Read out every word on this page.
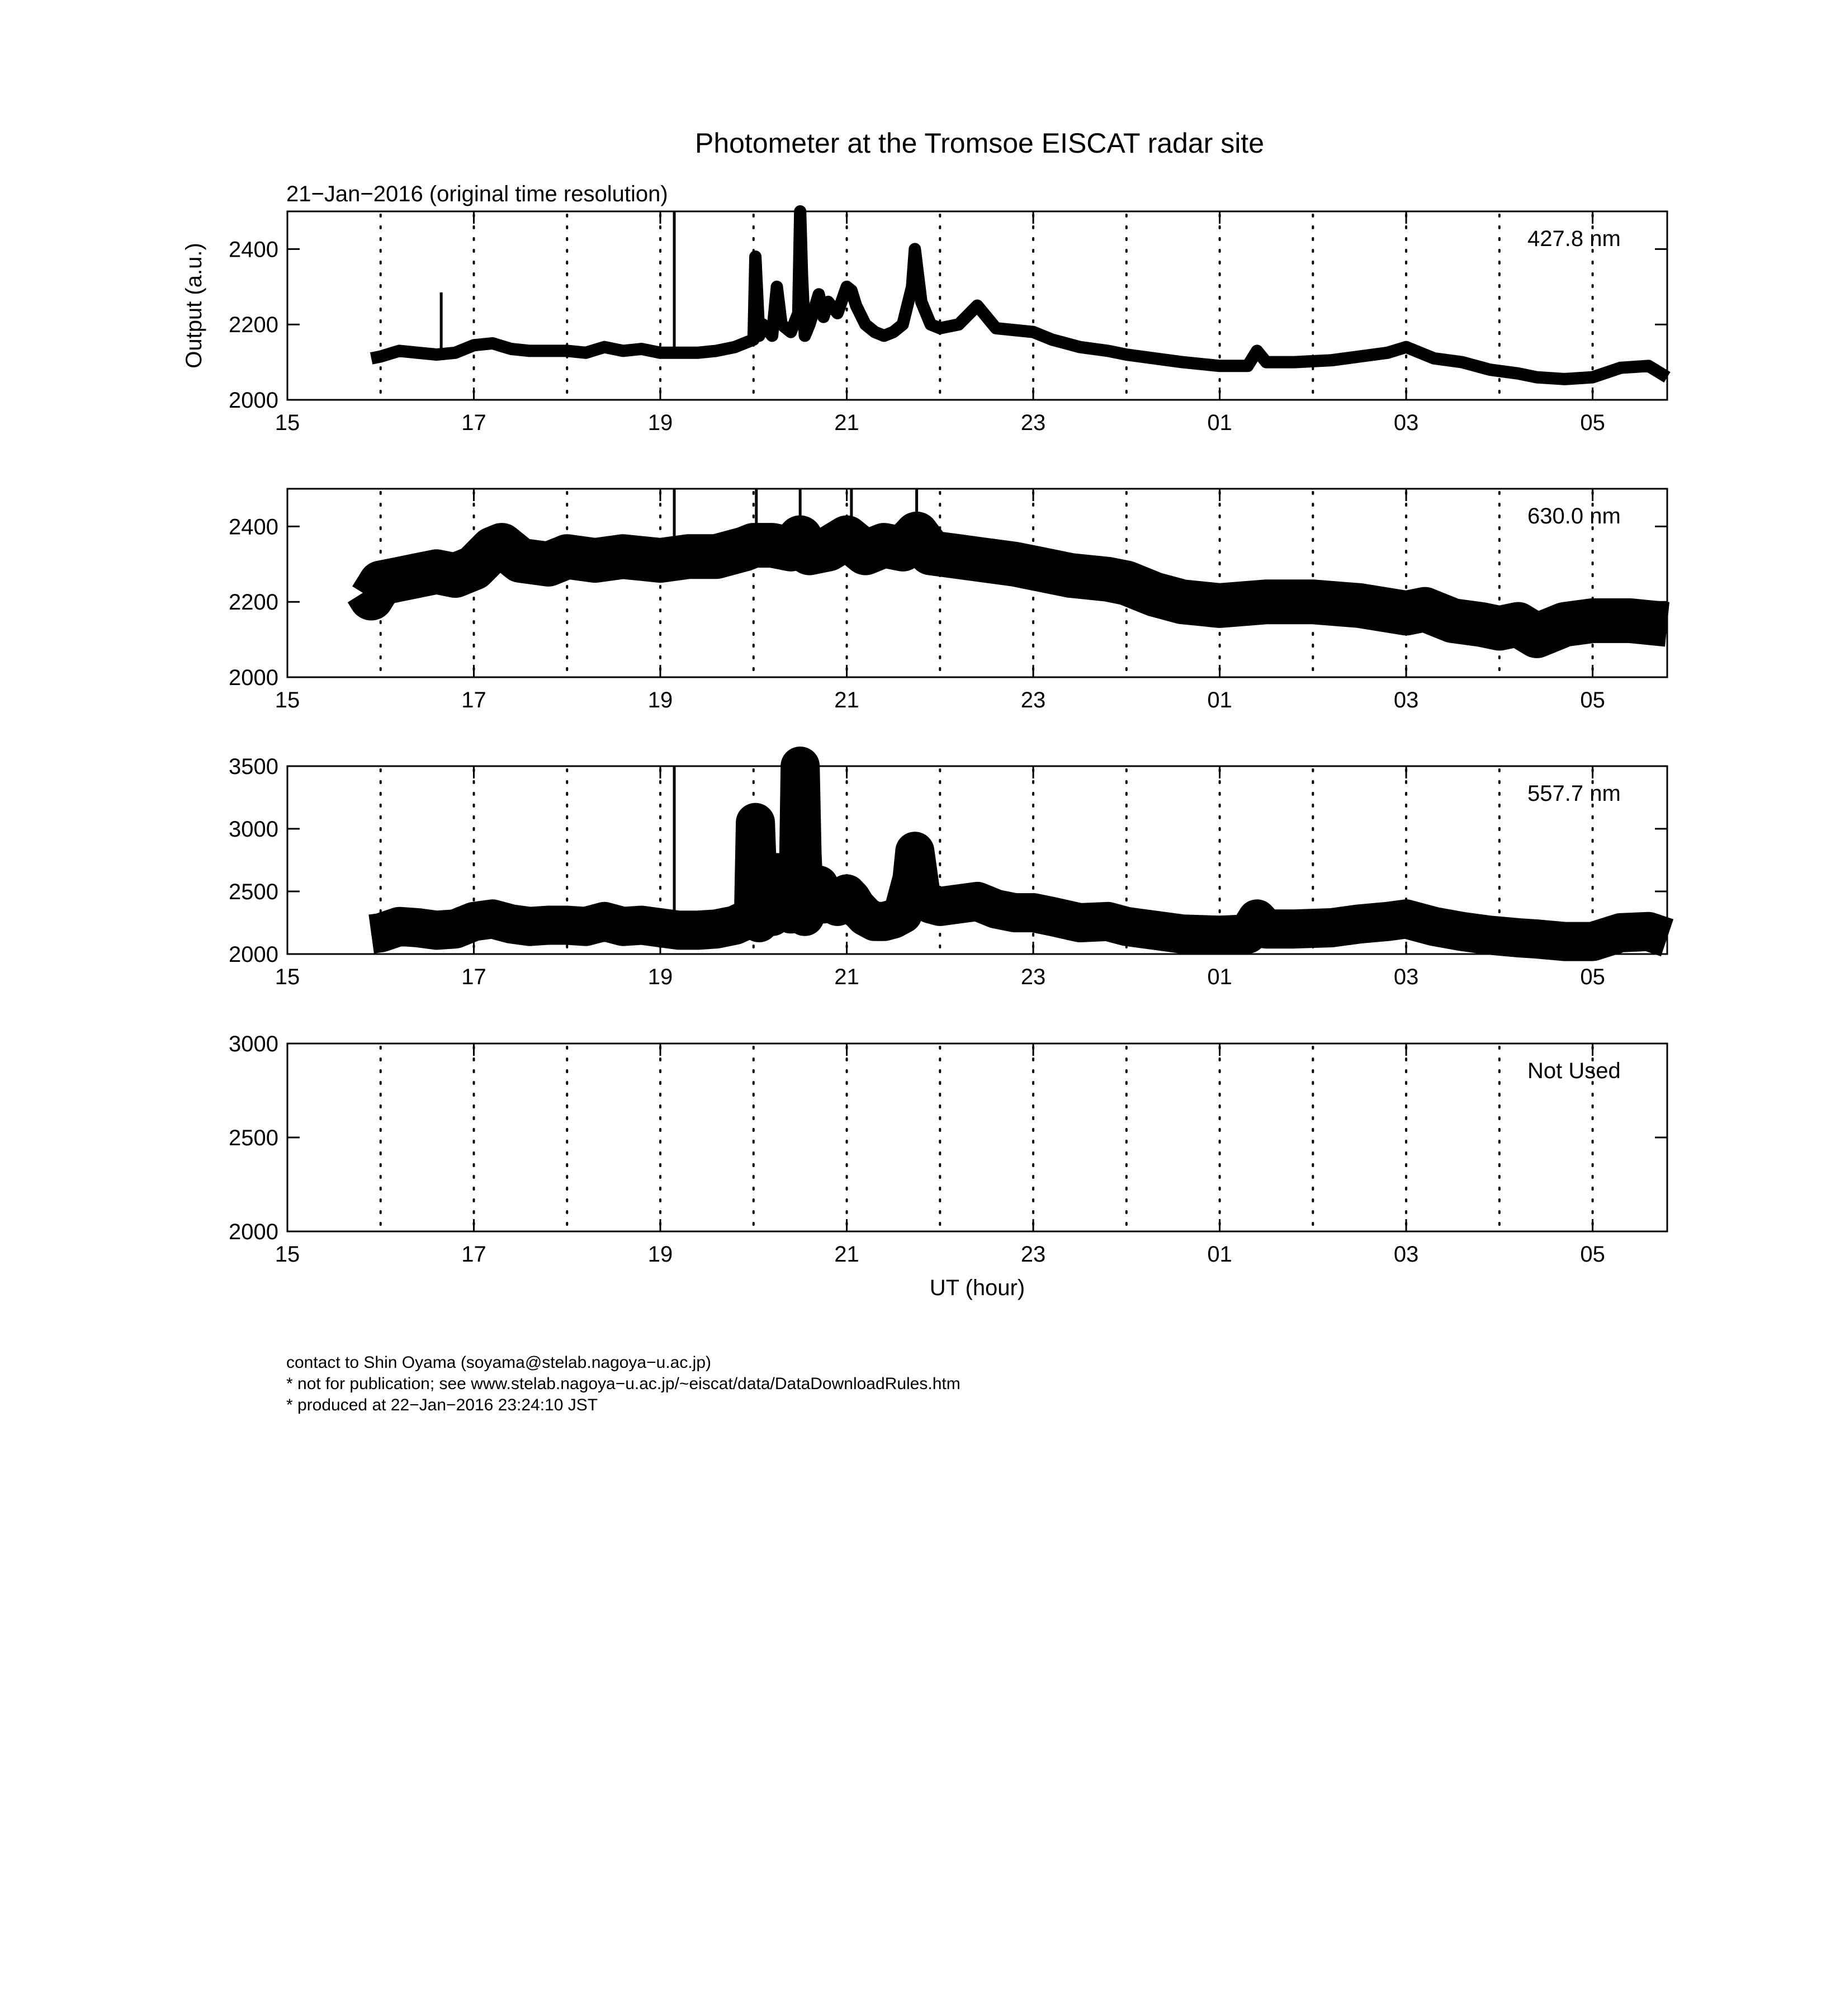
Photometer at the Tromsoe EISCAT radar site
21−Jan−2016 (original time resolution)
15	17	19	21	23	01	03	05
2000
2200
2400	427.8 nm
Output (a.u.)
15	17	19	21	23	01	03	05
2000
2200
2400	630.0 nm
15	17	19	21	23	01	03	05
2000
2500
3000
3500
557.7 nm
15	17	19	21	23	01	03	05
2000
2500
3000
Not Used
UT (hour)
contact to Shin Oyama (soyama@stelab.nagoya−u.ac.jp)
* not for publication; see www.stelab.nagoya−u.ac.jp/~eiscat/data/DataDownloadRules.htm
* produced at 22−Jan−2016 23:24:10 JST
